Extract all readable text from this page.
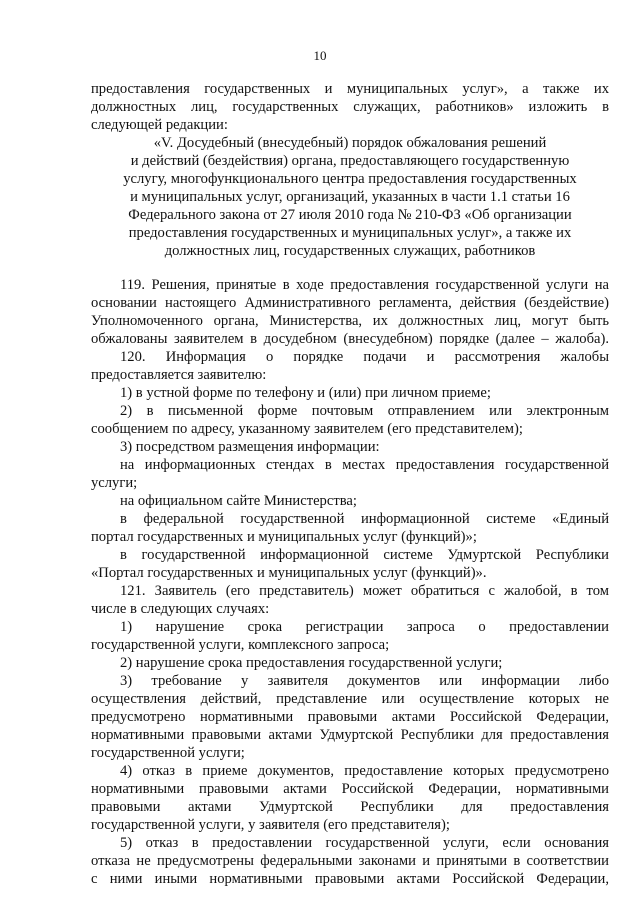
10
предоставления государственных и муниципальных услуг», а также их
должностных лиц, государственных служащих, работников» изложить в
следующей редакции:
«V. Досудебный (внесудебный) порядок обжалования решений
и действий (бездействия) органа, предоставляющего государственную
услугу, многофункционального центра предоставления государственных
и муниципальных услуг, организаций, указанных в части 1.1 статьи 16
Федерального закона от 27 июля 2010 года № 210-ФЗ «Об организации
предоставления государственных и муниципальных услуг», а также их
должностных лиц, государственных служащих, работников
119. Решения, принятые в ходе предоставления государственной услуги на
основании настоящего Административного регламента, действия (бездействие)
Уполномоченного органа, Министерства, их должностных лиц, могут быть
обжалованы заявителем в досудебном (внесудебном) порядке (далее – жалоба).
120. Информация о порядке подачи и рассмотрения жалобы
предоставляется заявителю:
1) в устной форме по телефону и (или) при личном приеме;
2) в письменной форме почтовым отправлением или электронным
сообщением по адресу, указанному заявителем (его представителем);
3) посредством размещения информации:
на информационных стендах в местах предоставления государственной
услуги;
на официальном сайте Министерства;
в федеральной государственной информационной системе «Единый
портал государственных и муниципальных услуг (функций)»;
в государственной информационной системе Удмуртской Республики
«Портал государственных и муниципальных услуг (функций)».
121. Заявитель (его представитель) может обратиться с жалобой, в том
числе в следующих случаях:
1) нарушение срока регистрации запроса о предоставлении
государственной услуги, комплексного запроса;
2) нарушение срока предоставления государственной услуги;
3) требование у заявителя документов или информации либо
осуществления действий, представление или осуществление которых не
предусмотрено нормативными правовыми актами Российской Федерации,
нормативными правовыми актами Удмуртской Республики для предоставления
государственной услуги;
4) отказ в приеме документов, предоставление которых предусмотрено
нормативными правовыми актами Российской Федерации, нормативными
правовыми актами Удмуртской Республики для предоставления
государственной услуги, у заявителя (его представителя);
5) отказ в предоставлении государственной услуги, если основания
отказа не предусмотрены федеральными законами и принятыми в соответствии
с ними иными нормативными правовыми актами Российской Федерации,
